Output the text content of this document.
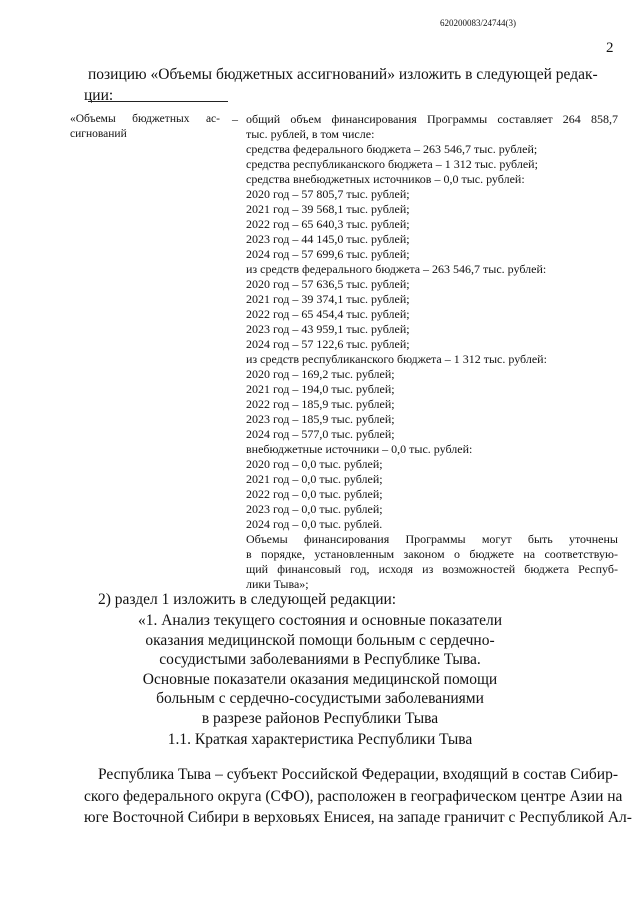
620200083/24744(3)
2
позицию «Объемы бюджетных ассигнований» изложить в следующей редак-
ции:
«Объемы бюджетных ас-сигнований
– общий объем финансирования Программы составляет 264 858,7
тыс. рублей, в том числе:
средства федерального бюджета – 263 546,7 тыс. рублей;
средства республиканского бюджета – 1 312 тыс. рублей;
средства внебюджетных источников – 0,0 тыс. рублей:
2020 год – 57 805,7 тыс. рублей;
2021 год – 39 568,1 тыс. рублей;
2022 год – 65 640,3 тыс. рублей;
2023 год – 44 145,0 тыс. рублей;
2024 год – 57 699,6 тыс. рублей;
из средств федерального бюджета – 263 546,7 тыс. рублей:
2020 год – 57 636,5 тыс. рублей;
2021 год – 39 374,1 тыс. рублей;
2022 год – 65 454,4 тыс. рублей;
2023 год – 43 959,1 тыс. рублей;
2024 год – 57 122,6 тыс. рублей;
из средств республиканского бюджета – 1 312 тыс. рублей:
2020 год – 169,2 тыс. рублей;
2021 год – 194,0 тыс. рублей;
2022 год – 185,9 тыс. рублей;
2023 год – 185,9 тыс. рублей;
2024 год – 577,0 тыс. рублей;
внебюджетные источники – 0,0 тыс. рублей:
2020 год – 0,0 тыс. рублей;
2021 год – 0,0 тыс. рублей;
2022 год – 0,0 тыс. рублей;
2023 год – 0,0 тыс. рублей;
2024 год – 0,0 тыс. рублей.
Объемы финансирования Программы могут быть уточнены
в порядке, установленным законом о бюджете на соответствую-
щий финансовый год, исходя из возможностей бюджета Респуб-
лики Тыва»;
2) раздел 1 изложить в следующей редакции:
«1. Анализ текущего состояния и основные показатели
оказания медицинской помощи больным с сердечно-
сосудистыми заболеваниями в Республике Тыва.
Основные показатели оказания медицинской помощи
больным с сердечно-сосудистыми заболеваниями
в разрезе районов Республики Тыва
1.1. Краткая характеристика Республики Тыва
Республика Тыва – субъект Российской Федерации, входящий в состав Сибир-
ского федерального округа (СФО), расположен в географическом центре Азии на
юге Восточной Сибири в верховьях Енисея, на западе граничит с Республикой Ал-
